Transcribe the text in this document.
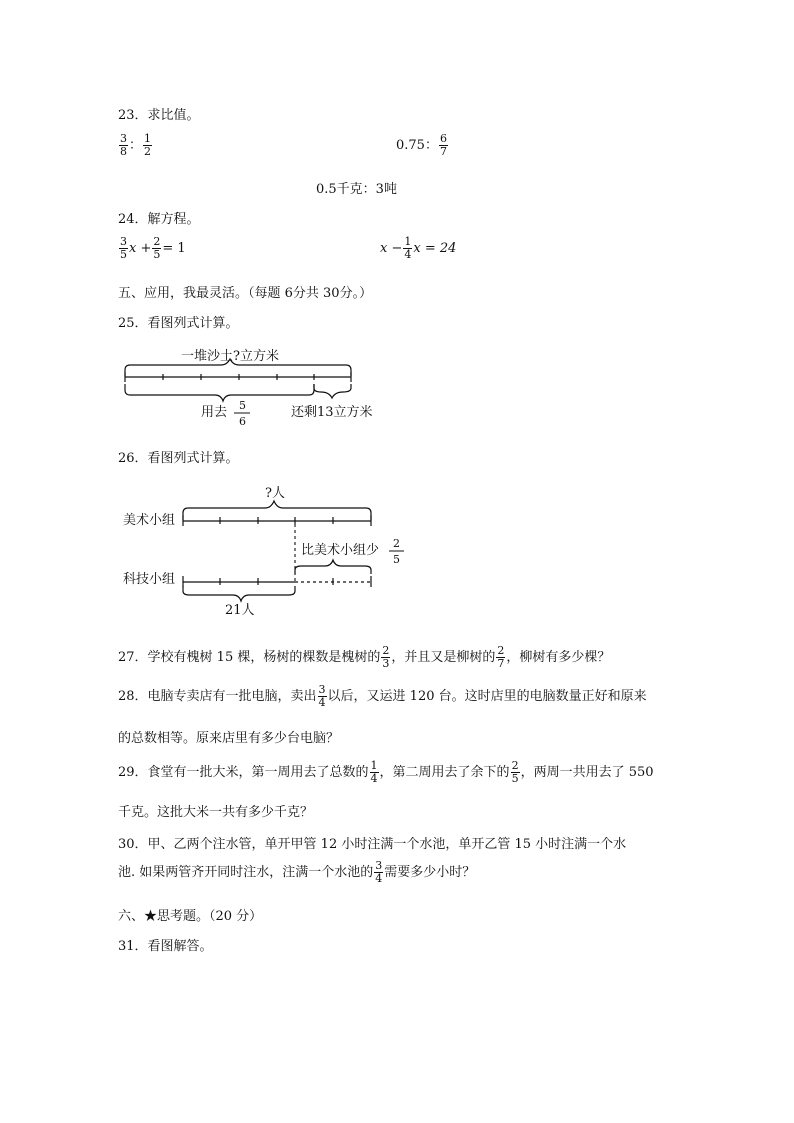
23．求比值。
$\frac{3}{8}$ ： $\frac{1}{2}$	0.75： $\frac{6}{7}$
0.5千克：3吨
24．解方程。
$\frac{3}{5}$ $x + \frac{2}{5} = 1$	$x - \frac{1}{4}$ x = 24
五、应用，我最灵活。（每题 6分共 30分。）
25．看图列式计算。
一堆沙土?立方米
用去 5
6
还剩13立方米
26．看图列式计算。
?人
美术小组
比美术小组少 2
5
科技小组
21人
27．学校有槐树 15 棵，杨树的棵数是槐树的 $\frac{2}{3}$ ，并且又是柳树的 $\frac{2}{7}$ ，柳树有多少棵？
28．电脑专卖店有一批电脑，卖出 $\frac{3}{4}$ 以后，又运进 120 台。这时店里的电脑数量正好和原来
的总数相等。原来店里有多少台电脑？
29．食堂有一批大米，第一周用去了总数的 $\frac{1}{4}$ ，第二周用去了余下的 $\frac{2}{5}$ ，两周一共用去了 550
千克。这批大米一共有多少千克？
30．甲、乙两个注水管，单开甲管 12 小时注满一个水池，单开乙管 15 小时注满一个水
池. 如果两管齐开同时注水，注满一个水池的 $\frac{3}{4}$ 需要多少小时？
六、★思考题。（20 分）
31．看图解答。
